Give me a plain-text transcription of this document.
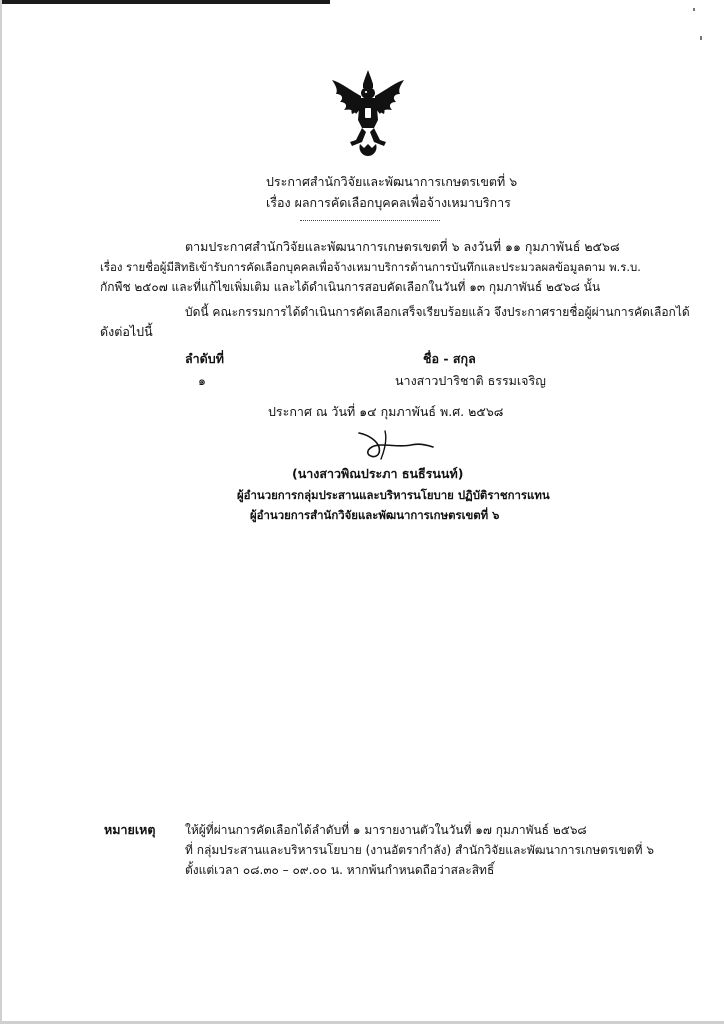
ประกาศสำนักวิจัยและพัฒนาการเกษตรเขตที่ ๖
เรื่อง ผลการคัดเลือกบุคคลเพื่อจ้างเหมาบริการ
ตามประกาศสำนักวิจัยและพัฒนาการเกษตรเขตที่ ๖ ลงวันที่ ๑๑ กุมภาพันธ์ ๒๕๖๘
เรื่อง รายชื่อผู้มีสิทธิเข้ารับการคัดเลือกบุคคลเพื่อจ้างเหมาบริการด้านการบันทึกและประมวลผลข้อมูลตาม พ.ร.บ.
กักพืช ๒๕๐๗ และที่แก้ไขเพิ่มเติม และได้ดำเนินการสอบคัดเลือกในวันที่ ๑๓ กุมภาพันธ์ ๒๕๖๘ นั้น
บัดนี้ คณะกรรมการได้ดำเนินการคัดเลือกเสร็จเรียบร้อยแล้ว จึงประกาศรายชื่อผู้ผ่านการคัดเลือกได้
ดังต่อไปนี้
ลำดับที่	ชื่อ - สกุล
๑	นางสาวปาริชาติ ธรรมเจริญ
ประกาศ ณ วันที่ ๑๔ กุมภาพันธ์ พ.ศ. ๒๕๖๘
(นางสาวพิณประภา ธนธีรนนท์)
ผู้อำนวยการกลุ่มประสานและบริหารนโยบาย ปฏิบัติราชการแทน
ผู้อำนวยการสำนักวิจัยและพัฒนาการเกษตรเขตที่ ๖
หมายเหตุ ให้ผู้ที่ผ่านการคัดเลือกได้ลำดับที่ ๑ มารายงานตัวในวันที่ ๑๗ กุมภาพันธ์ ๒๕๖๘
ที่ กลุ่มประสานและบริหารนโยบาย (งานอัตรากำลัง) สำนักวิจัยและพัฒนาการเกษตรเขตที่ ๖
ตั้งแต่เวลา ๐๘.๓๐ – ๐๙.๐๐ น. หากพ้นกำหนดถือว่าสละสิทธิ์
